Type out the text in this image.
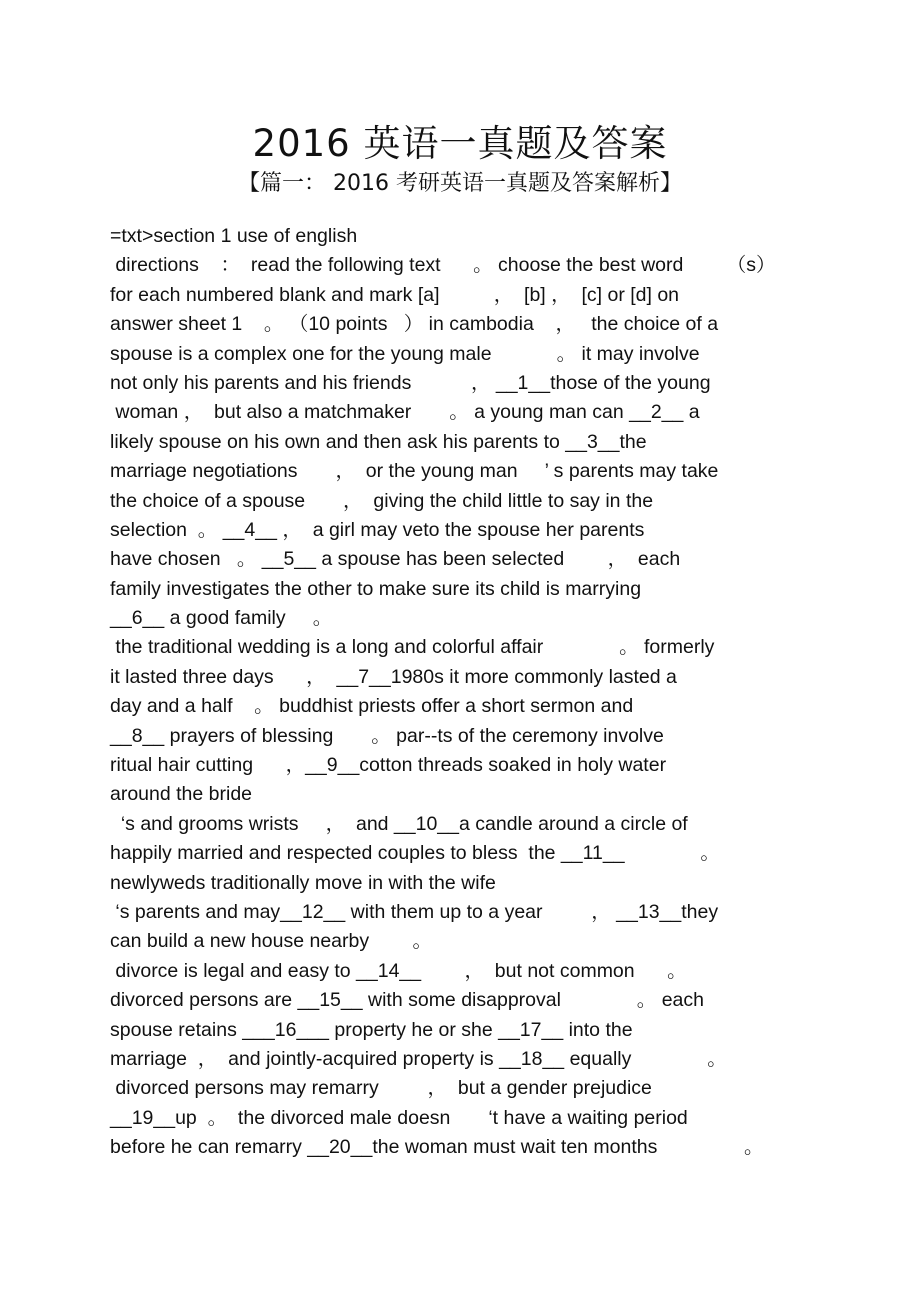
2016 英语一真题及答案
【篇一： 2016 考研英语一真题及答案解析】
=txt>section 1 use of english
directions    ：  read the following text      。 choose the best word        （s）
for each numbered blank and mark [a]          ，  [b] ，  [c] or [d] on
answer sheet 1    。 （10 points   ） in cambodia    ，   the choice of a
spouse is a complex one for the young male            。 it may involve
not only his parents and his friends           ， __1__those of the young
woman ，  but also a matchmaker       。 a young man can __2__ a
likely spouse on his own and then ask his parents to __3__the
marriage negotiations       ，  or the young man     ’ s parents may take
the choice of a spouse       ，  giving the child little to say in the
selection  。 __4__ ，  a girl may veto the spouse her parents
have chosen   。 __5__ a spouse has been selected        ，  each
family investigates the other to make sure its child is marrying
__6__ a good family     。
the traditional wedding is a long and colorful affair              。 formerly
it lasted three days      ，  __7__1980s it more commonly lasted a
day and a half    。 buddhist priests offer a short sermon and
__8__ prayers of blessing       。 par--ts of the ceremony involve
ritual hair cutting      ，__9__cotton threads soaked in holy water
around the bride
‘s and grooms wrists     ，  and __10__a candle around a circle of
happily married and respected couples to bless  the __11__              。
newlyweds traditionally move in with the wife
‘s parents and may__12__ with them up to a year         ， __13__they
can build a new house nearby        。
divorce is legal and easy to __14__        ，  but not common      。
divorced persons are __15__ with some disapproval              。 each
spouse retains ___16___ property he or she __17__ into the
marriage  ，  and jointly-acquired property is __18__ equally              。
divorced persons may remarry         ，  but a gender prejudice
__19__up  。  the divorced male doesn       ‘t have a waiting period
before he can remarry __20__the woman must wait ten months                。
